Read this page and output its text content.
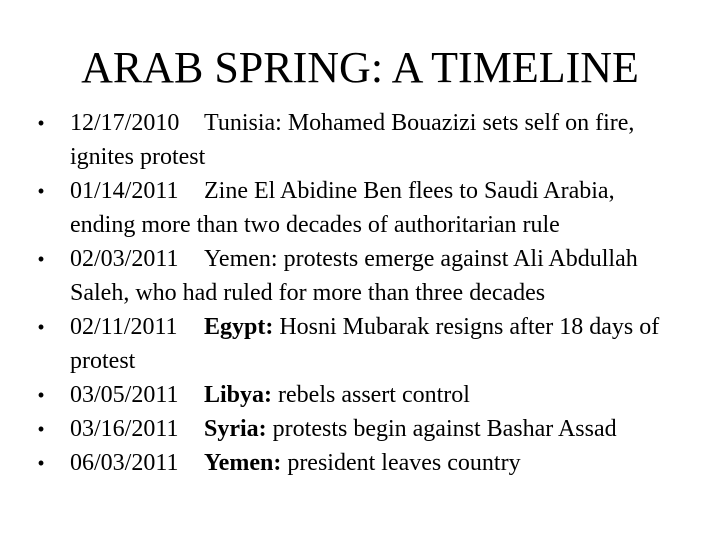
ARAB SPRING: A TIMELINE
• 12/17/2010 Tunisia: Mohamed Bouazizi sets self on fire, ignites protest
• 01/14/2011 Zine El Abidine Ben flees to Saudi Arabia, ending more than two decades of authoritarian rule
• 02/03/2011 Yemen: protests emerge against Ali Abdullah Saleh, who had ruled for more than three decades
• 02/11/2011 Egypt: Hosni Mubarak resigns after 18 days of protest
• 03/05/2011 Libya: rebels assert control
• 03/16/2011 Syria: protests begin against Bashar Assad
• 06/03/2011 Yemen: president leaves country
